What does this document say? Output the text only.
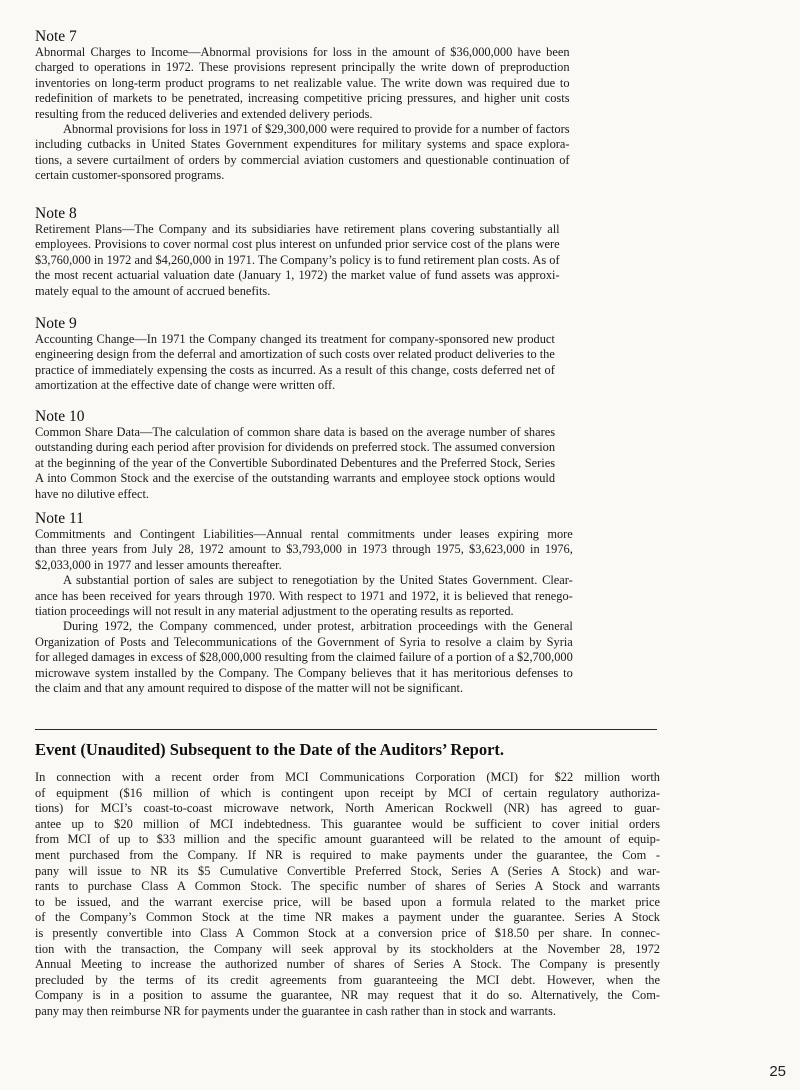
Note 7

Abnormal Charges to Income—Abnormal provisions for loss in the amount of $36,000,000 have been
charged to operations in 1972. These provisions represent principally the write down of preproduction
inventories on long-term product programs to net realizable value. The write down was required due to
redefinition of markets to be penetrated, increasing competitive pricing pressures, and higher unit costs
resulting from the reduced deliveries and extended delivery periods.

Abnormal provisions for loss in 1971 of $29,300,000 were required to provide for a number of factors
including cutbacks in United States Government expenditures for military systems and space explora-
tions, a severe curtailment of orders by commercial aviation customers and questionable continuation of
certain customer-sponsored programs.

Note 8

Retirement Plans—The Company and its subsidiaries have retirement plans covering substantially all
employees. Provisions to cover normal cost plus interest on unfunded prior service cost of the plans were
$3,760,000 in 1972 and $4,260,000 in 1971. The Company’s policy is to fund retirement plan costs. As of
the most recent actuarial valuation date (January 1, 1972) the market value of fund assets was approxi-
mately equal to the amount of accrued benefits.

Note 9

Accounting Change—In 1971 the Company changed its treatment for company-sponsored new product
engineering design from the deferral and amortization of such costs over related product deliveries to the
practice of immediately expensing the costs as incurred. As a result of this change, costs deferred net of
amortization at the effective date of change were written off.

Note 10

Common Share Data—The calculation of common share data is based on the average number of shares
outstanding during each period after provision for dividends on preferred stock. The assumed conversion
at the beginning of the year of the Convertible Subordinated Debentures and the Preferred Stock, Series
A into Common Stock and the exercise of the outstanding warrants and employee stock options would
have no dilutive effect.

Note 11

Commitments and Contingent Liabilities—Annual rental commitments under leases expiring more
than three years from July 28, 1972 amount to $3,793,000 in 1973 through 1975, $3,623,000 in 1976,
$2,033,000 in 1977 and lesser amounts thereafter.

A substantial portion of sales are subject to renegotiation by the United States Government. Clear-
ance has been received for years through 1970. With respect to 1971 and 1972, it is believed that renego-
tiation proceedings will not result in any material adjustment to the operating results as reported.

During 1972, the Company commenced, under protest, arbitration proceedings with the General
Organization of Posts and Telecommunications of the Government of Syria to resolve a claim by Syria
for alleged damages in excess of $28,000,000 resulting from the claimed failure of a portion of a $2,700,000
microwave system installed by the Company. The Company believes that it has meritorious defenses to
the claim and that any amount required to dispose of the matter will not be significant.

Event (Unaudited) Subsequent to the Date of the Auditors’ Report.

In connection with a recent order from MCI Communications Corporation (MCI) for $22 million worth
of equipment ($16 million of which is contingent upon receipt by MCI of certain regulatory authoriza-
tions) for MCI’s coast-to-coast microwave network, North American Rockwell (NR) has agreed to guar-
antee up to $20 million of MCI indebtedness. This guarantee would be sufficient to cover initial orders
from MCI of up to $33 million and the specific amount guaranteed will be related to the amount of equip-
ment purchased from the Company. If NR is required to make payments under the guarantee, the Com -
pany will issue to NR its $5 Cumulative Convertible Preferred Stock, Series A (Series A Stock) and war-
rants to purchase Class A Common Stock. The specific number of shares of Series A Stock and warrants
to be issued, and the warrant exercise price, will be based upon a formula related to the market price
of the Company’s Common Stock at the time NR makes a payment under the guarantee. Series A Stock
is presently convertible into Class A Common Stock at a conversion price of $18.50 per share. In connec-
tion with the transaction, the Company will seek approval by its stockholders at the November 28, 1972
Annual Meeting to increase the authorized number of shares of Series A Stock. The Company is presently
precluded by the terms of its credit agreements from guaranteeing the MCI debt. However, when the
Company is in a position to assume the guarantee, NR may request that it do so. Alternatively, the Com-
pany may then reimburse NR for payments under the guarantee in cash rather than in stock and warrants.

25
